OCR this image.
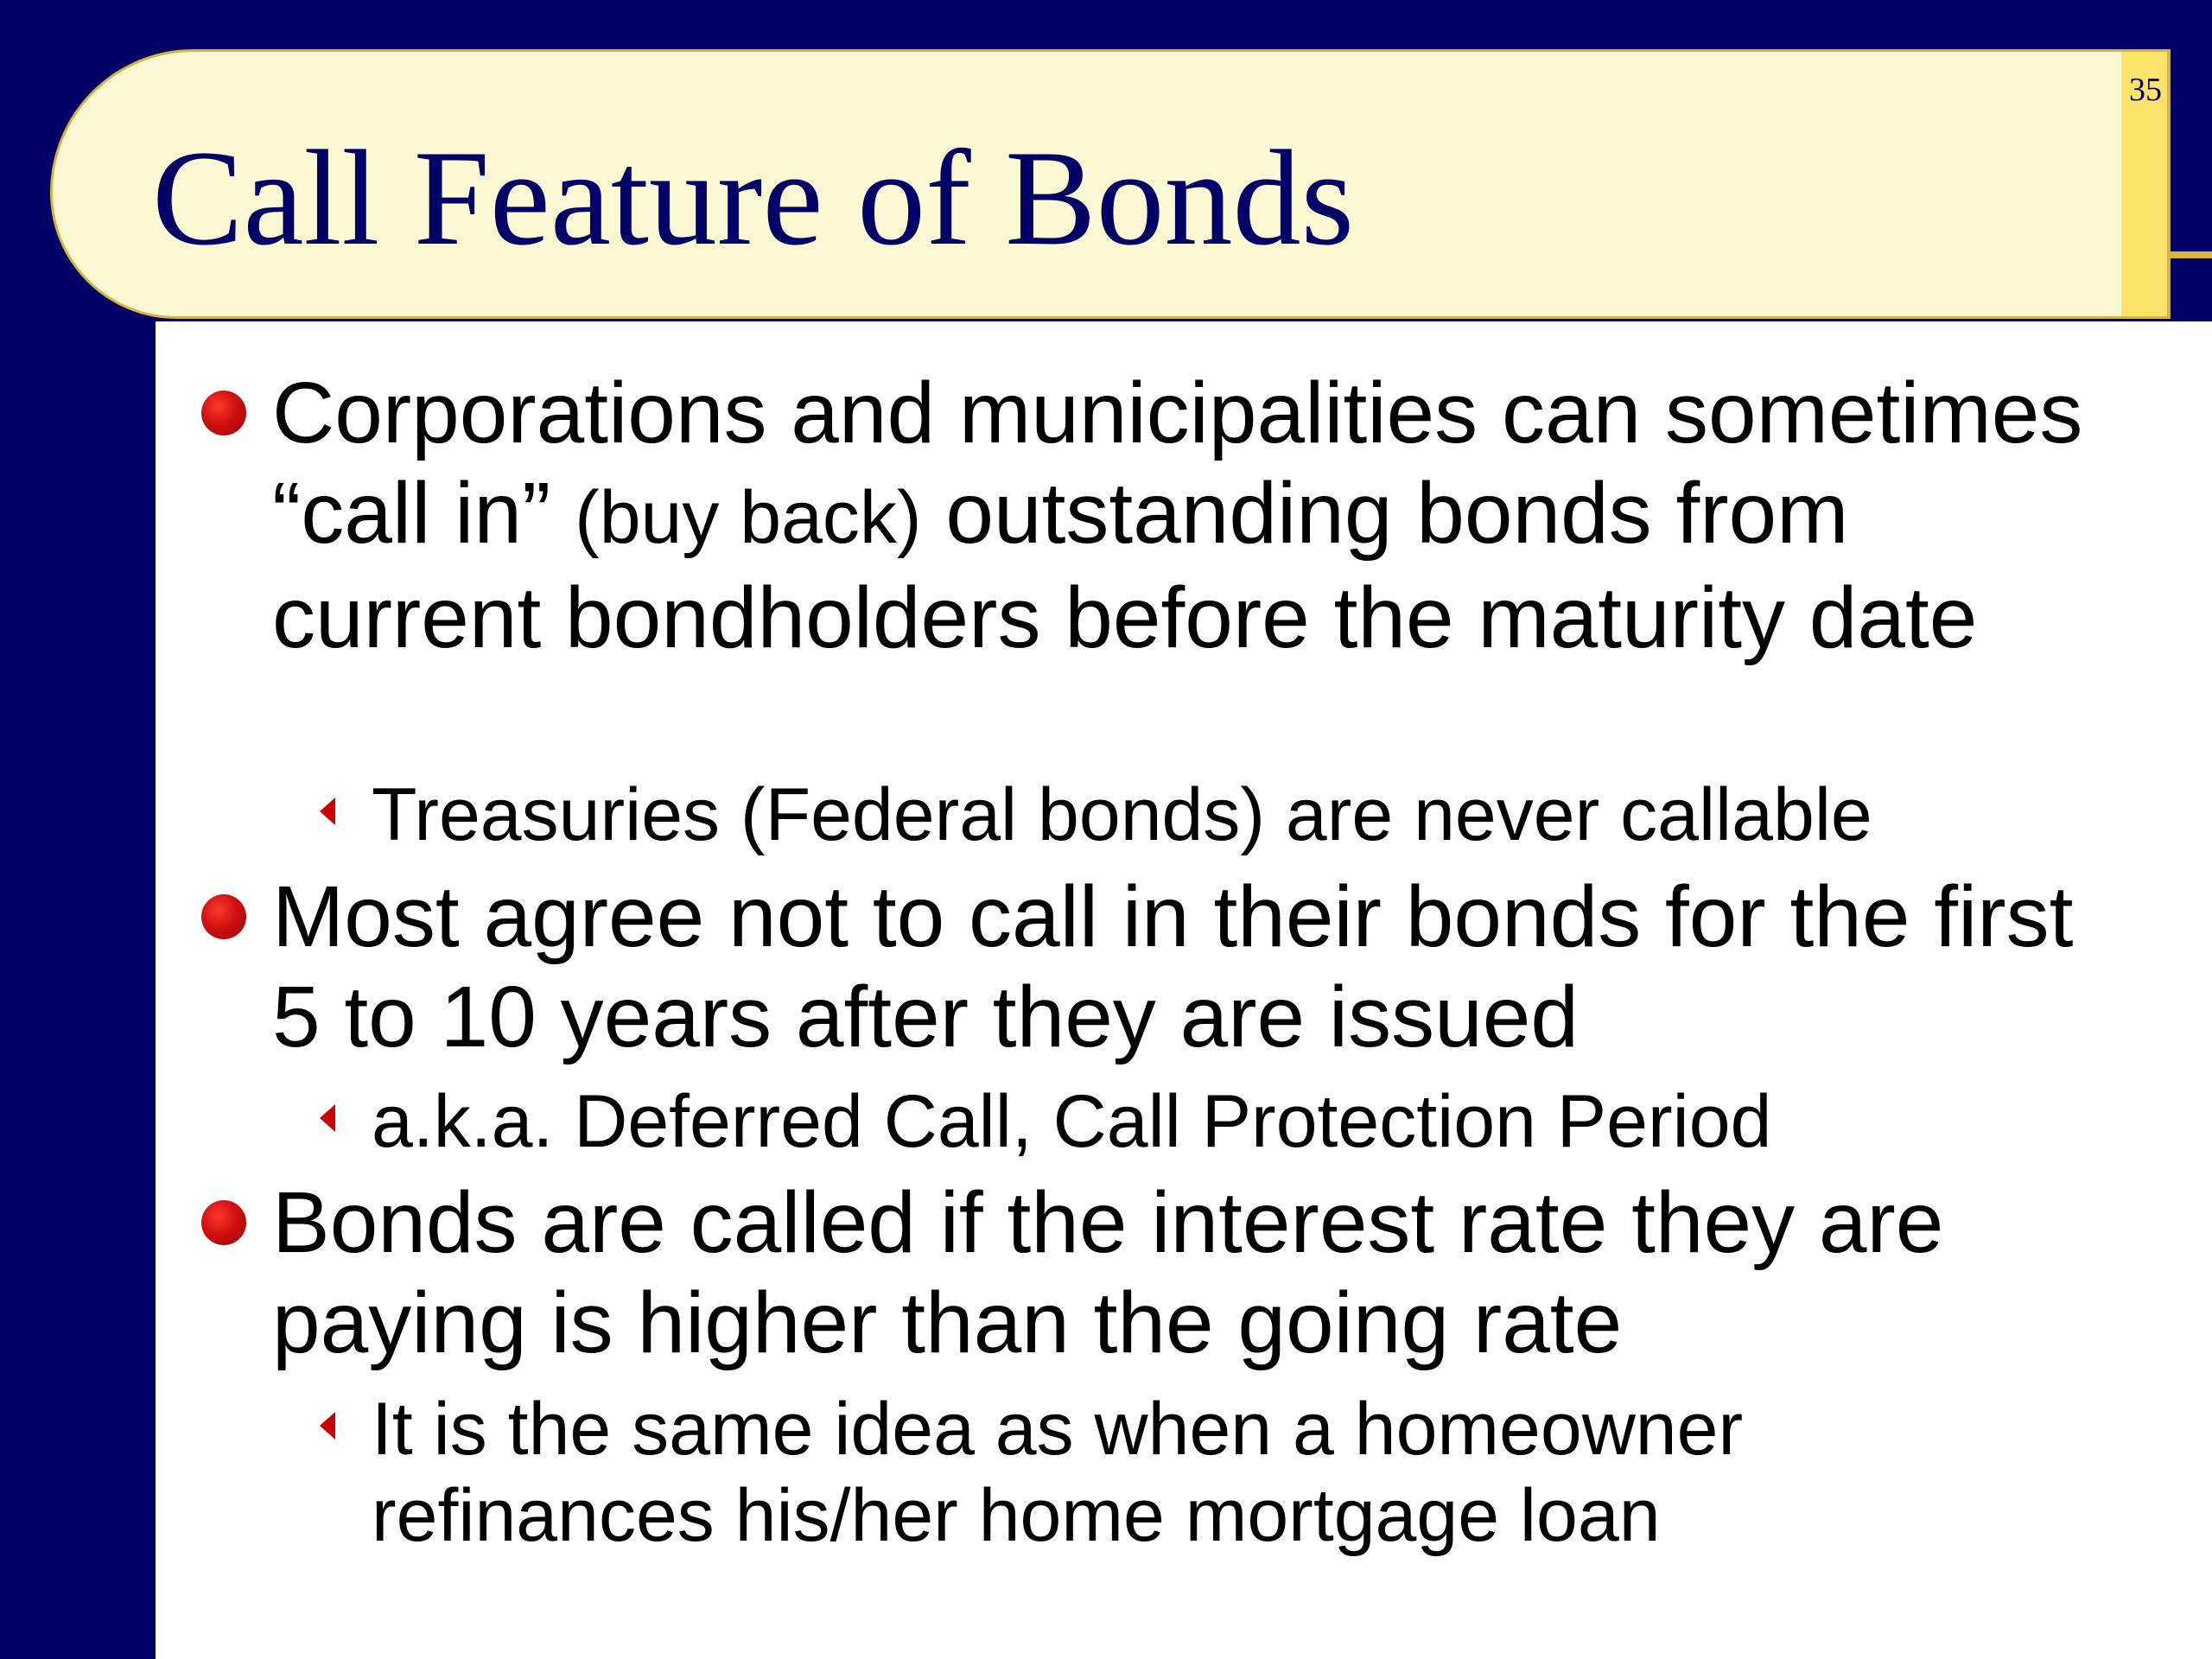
35
Call Feature of Bonds

Corporations and municipalities can sometimes “call in” (buy back) outstanding bonds from current bondholders before the maturity date

Treasuries (Federal bonds) are never callable

Most agree not to call in their bonds for the first 5 to 10 years after they are issued

a.k.a. Deferred Call, Call Protection Period

Bonds are called if the interest rate they are paying is higher than the going rate

It is the same idea as when a homeowner refinances his/her home mortgage loan
